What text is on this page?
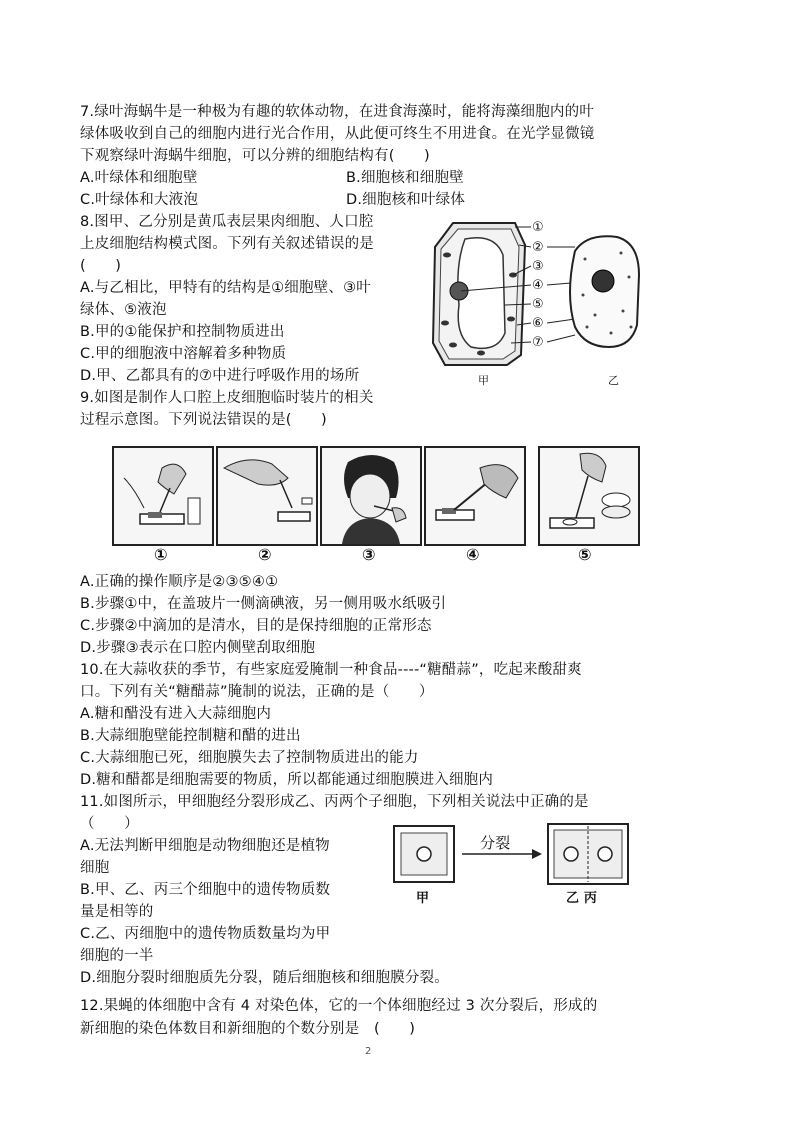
7.绿叶海蜗牛是一种极为有趣的软体动物，在进食海藻时，能将海藻细胞内的叶
绿体吸收到自己的细胞内进行光合作用，从此便可终生不用进食。在光学显微镜
下观察绿叶海蜗牛细胞，可以分辨的细胞结构有(　　)
A.叶绿体和细胞壁	B.细胞核和细胞壁
C.叶绿体和大液泡	D.细胞核和叶绿体
8.图甲、乙分别是黄瓜表层果肉细胞、人口腔
上皮细胞结构模式图。下列有关叙述错误的是
(　　)
A.与乙相比，甲特有的结构是①细胞壁、③叶
绿体、⑤液泡
B.甲的①能保护和控制物质进出
C.甲的细胞液中溶解着多种物质
D.甲、乙都具有的⑦中进行呼吸作用的场所
①
②
③
④
⑤
⑥
⑦
甲	乙
9.如图是制作人口腔上皮细胞临时装片的相关
过程示意图。下列说法错误的是(　　)
①	②	③	④	⑤
A.正确的操作顺序是②③⑤④①
B.步骤①中，在盖玻片一侧滴碘液，另一侧用吸水纸吸引
C.步骤②中滴加的是清水，目的是保持细胞的正常形态
D.步骤③表示在口腔内侧壁刮取细胞
10.在大蒜收获的季节，有些家庭爱腌制一种食品----“糖醋蒜”，吃起来酸甜爽
口。下列有关“糖醋蒜”腌制的说法，正确的是（　　）
A.糖和醋没有进入大蒜细胞内
B.大蒜细胞壁能控制糖和醋的进出
C.大蒜细胞已死，细胞膜失去了控制物质进出的能力
D.糖和醋都是细胞需要的物质，所以都能通过细胞膜进入细胞内
11.如图所示，甲细胞经分裂形成乙、丙两个子细胞，下列相关说法中正确的是
（　　）
A.无法判断甲细胞是动物细胞还是植物
细胞
B.甲、乙、丙三个细胞中的遗传物质数
量是相等的
C.乙、丙细胞中的遗传物质数量均为甲
细胞的一半
D.细胞分裂时细胞质先分裂，随后细胞核和细胞膜分裂。
分裂
甲	乙 丙
12.果蝇的体细胞中含有 4 对染色体，它的一个体细胞经过 3 次分裂后，形成的
新细胞的染色体数目和新细胞的个数分别是　(　　)
2
